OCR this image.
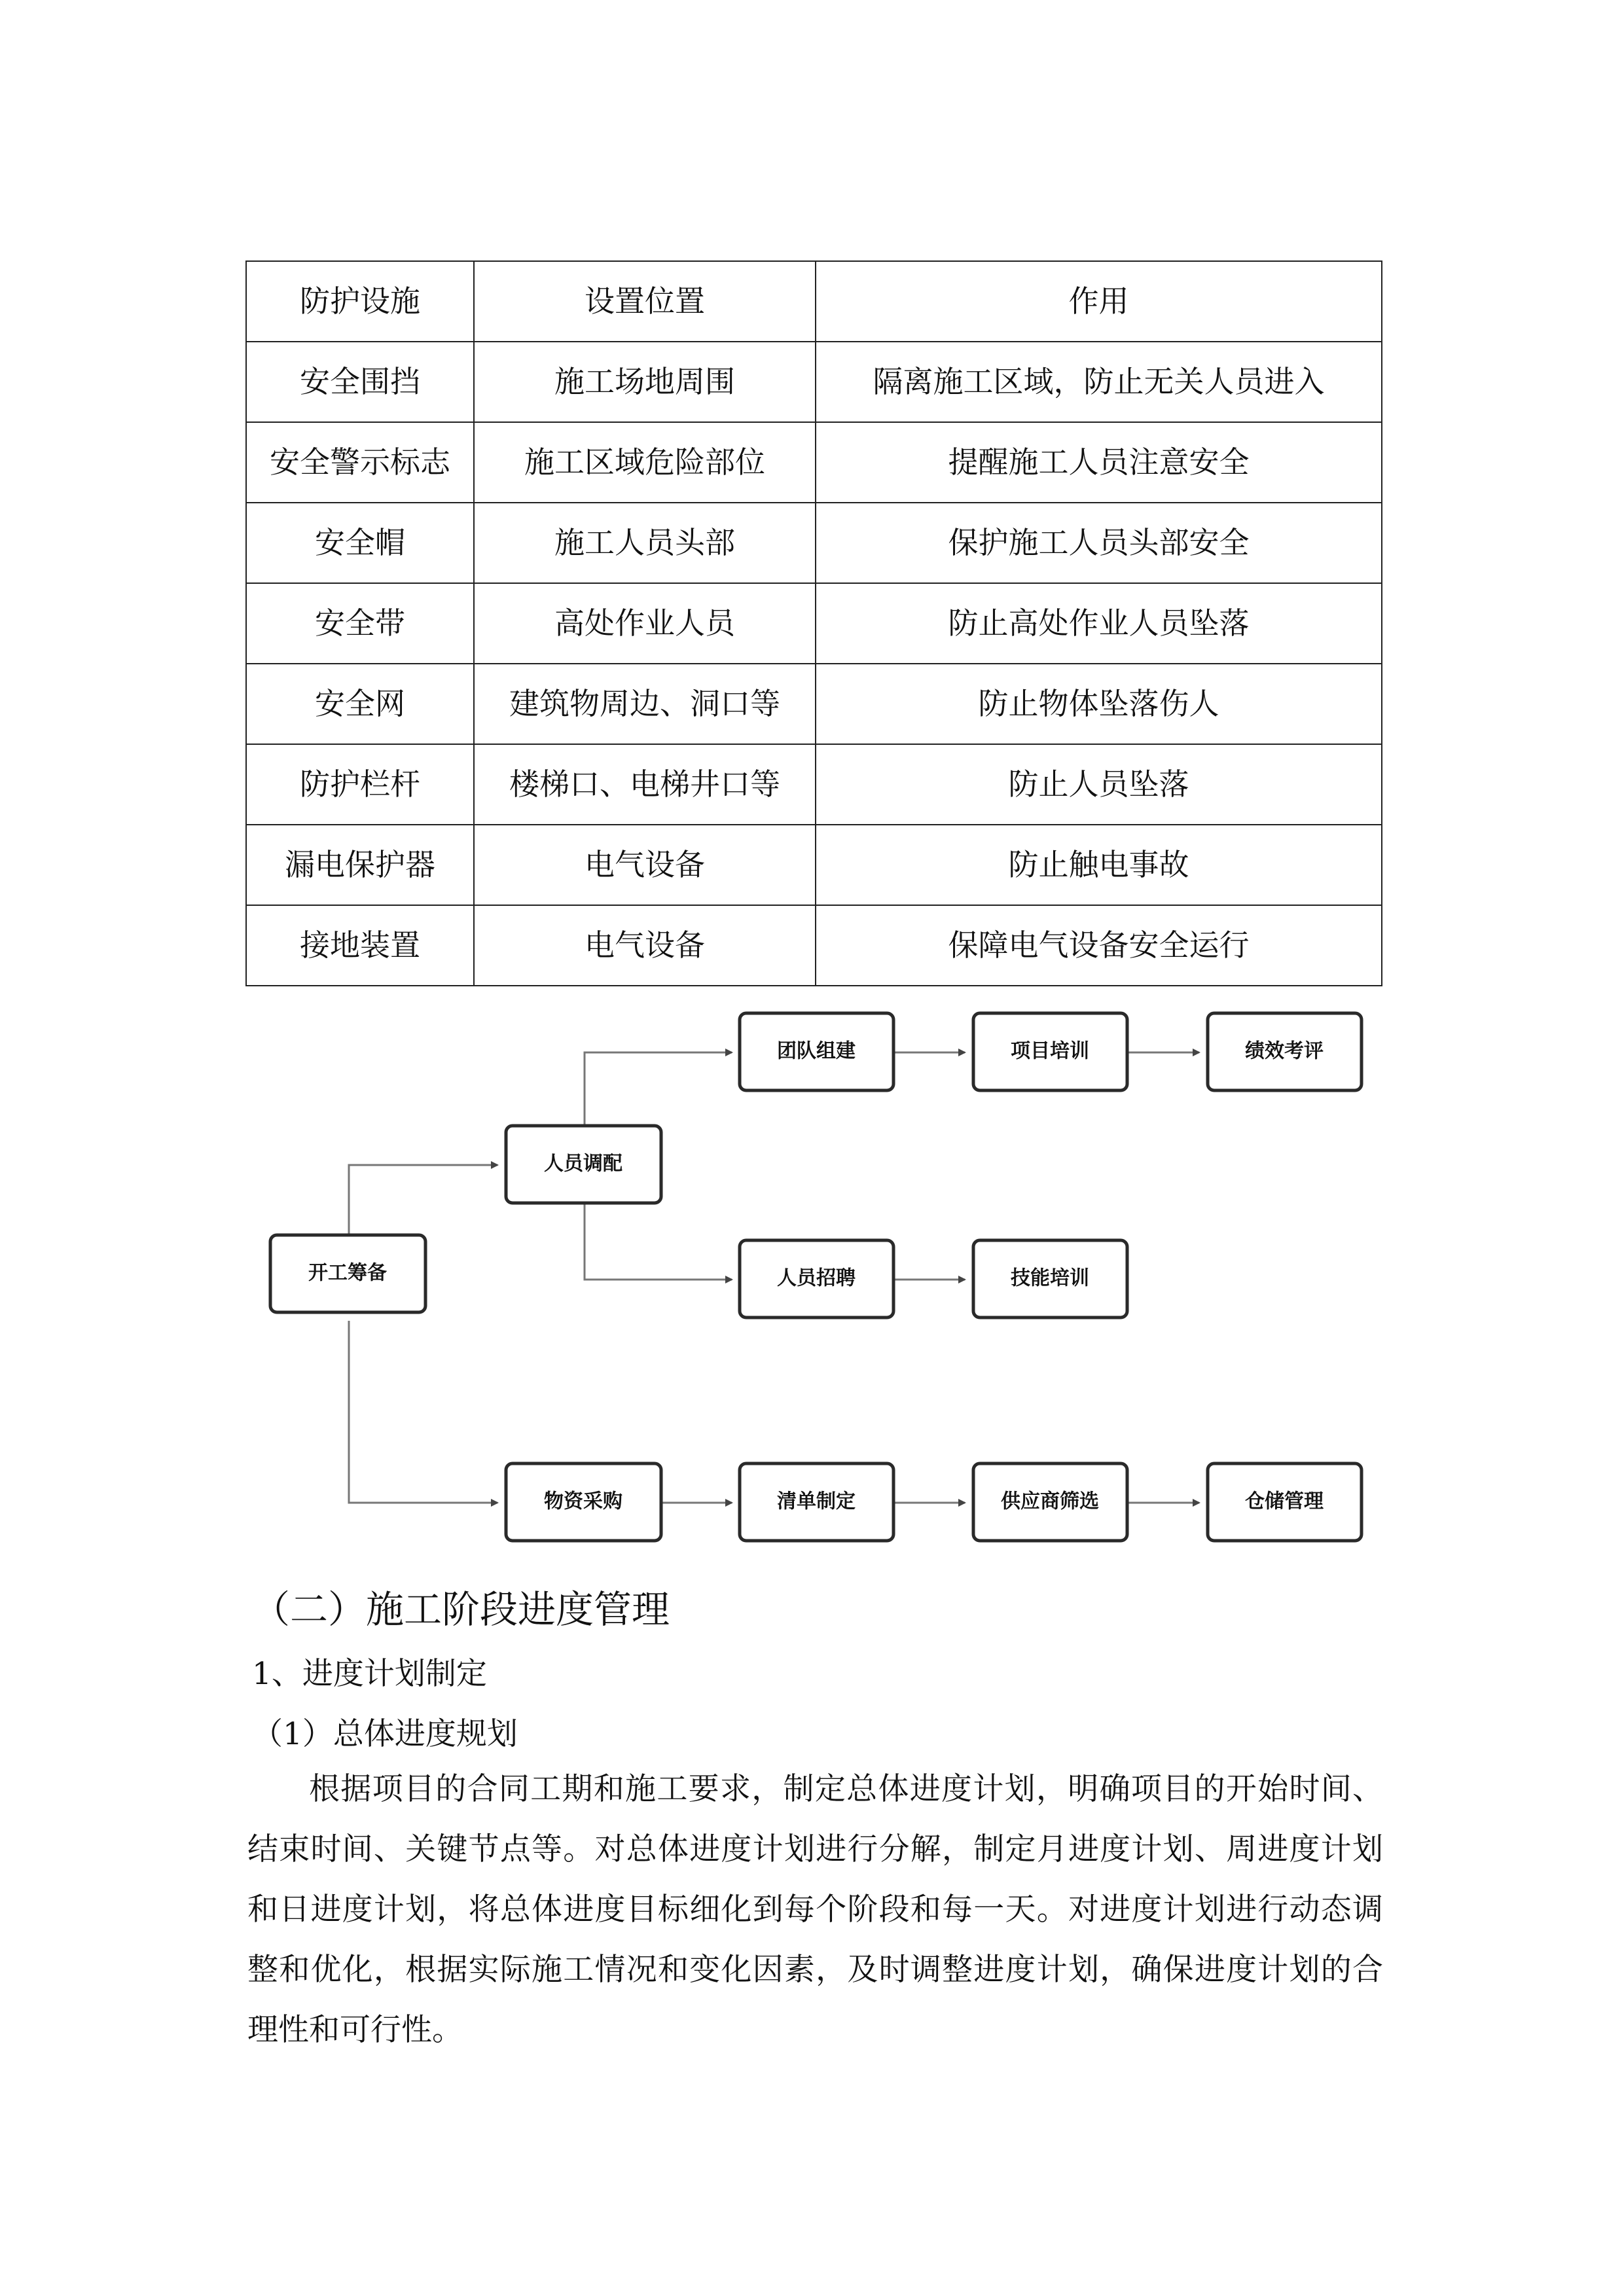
防护设施	设置位置	作用
安全围挡	施工场地周围	隔离施工区域，防止无关人员进入
安全警示标志	施工区域危险部位	提醒施工人员注意安全
安全帽	施工人员头部	保护施工人员头部安全
安全带	高处作业人员	防止高处作业人员坠落
安全网	建筑物周边、洞口等	防止物体坠落伤人
防护栏杆	楼梯口、电梯井口等	防止人员坠落
漏电保护器	电气设备	防止触电事故
接地装置	电气设备	保障电气设备安全运行
开工筹备
人员调配
团队组建	项目培训	绩效考评
人员招聘	技能培训
物资采购	清单制定	供应商筛选	仓储管理
（二）施工阶段进度管理
1、进度计划制定
（1）总体进度规划

根据项目的合同工期和施工要求，制定总体进度计划，明确项目的开始时间、结束时间、关键节点等。对总体进度计划进行分解，制定月进度计划、周进度计划和日进度计划，将总体进度目标细化到每个阶段和每一天。对进度计划进行动态调整和优化，根据实际施工情况和变化因素，及时调整进度计划，确保进度计划的合理性和可行性。
